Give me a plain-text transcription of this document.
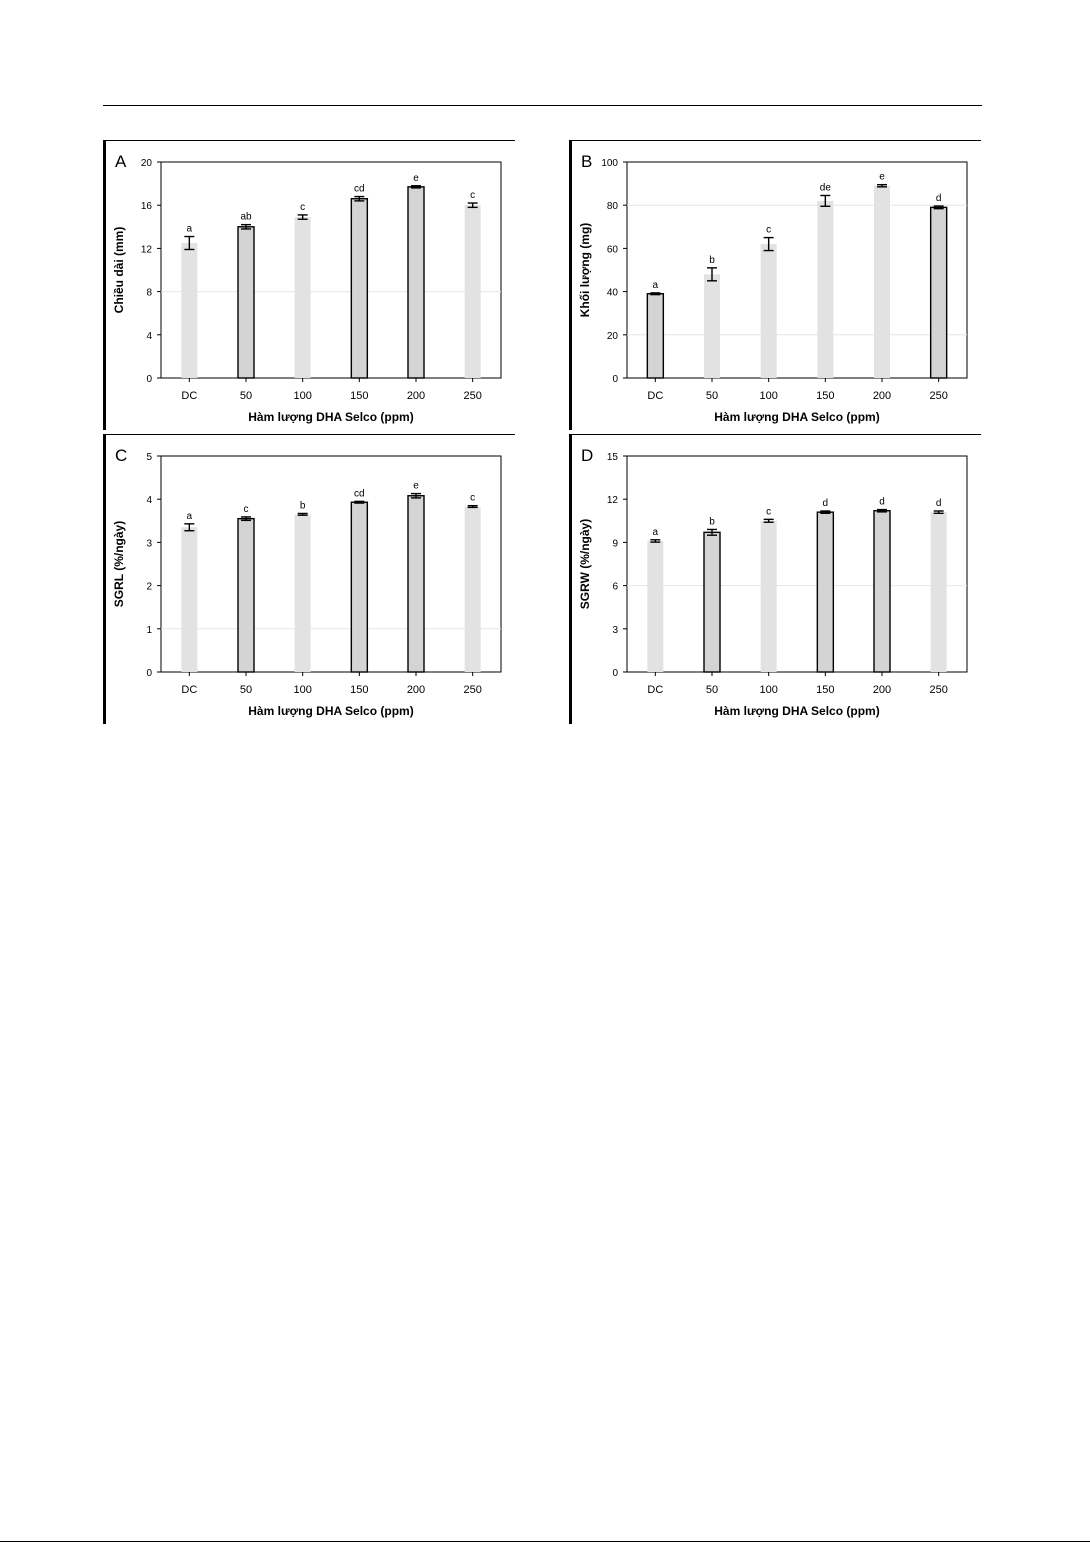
A
0
4
8
12
16
20
a
ab
c
cd
e
c
DC	50	100	150	200	250
Chiều dài (mm)
Hàm lượng DHA Selco (ppm)
B
0
20
40
60
80
100
a
b
c
de
e
d
DC	50	100	150	200	250
Khối lượng (mg)
Hàm lượng DHA Selco (ppm)
C
0
1
2
3
4
5
a
c	b
cd
e
c
DC	50	100	150	200	250
SGRL (%/ngày)
Hàm lượng DHA Selco (ppm)
D
0
3
6
9
12
15
a
b
c
d	d	d
DC	50	100	150	200	250
SGRW (%/ngày)
Hàm lượng DHA Selco (ppm)
